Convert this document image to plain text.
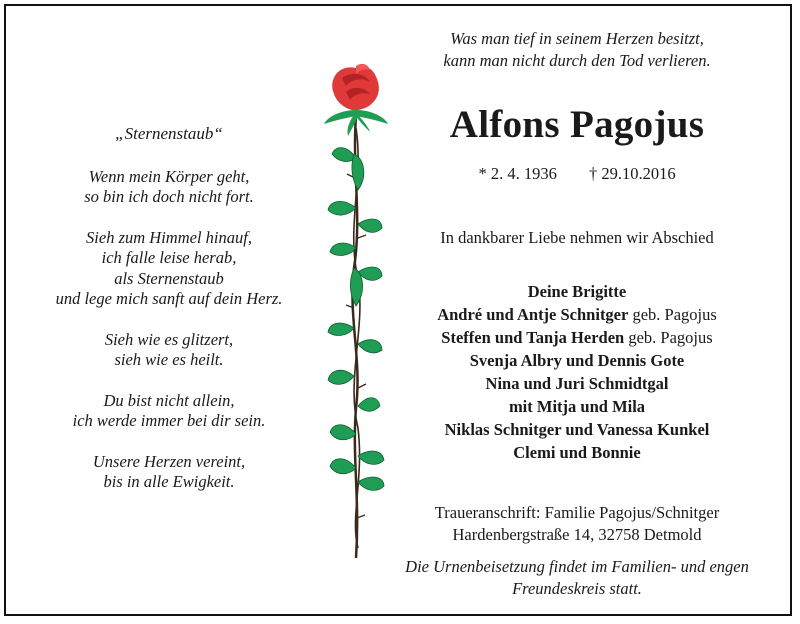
„Sternenstaub“
Wenn mein Körper geht,
so bin ich doch nicht fort.
Sieh zum Himmel hinauf,
ich falle leise herab,
als Sternenstaub
und lege mich sanft auf dein Herz.
Sieh wie es glitzert,
sieh wie es heilt.
Du bist nicht allein,
ich werde immer bei dir sein.
Unsere Herzen vereint,
bis in alle Ewigkeit.
Was man tief in seinem Herzen besitzt,
kann man nicht durch den Tod verlieren.
Alfons Pagojus
* 2. 4. 1936 † 29.10.2016
In dankbarer Liebe nehmen wir Abschied
Deine Brigitte
André und Antje Schnitger geb. Pagojus
Steffen und Tanja Herden geb. Pagojus
Svenja Albry und Dennis Gote
Nina und Juri Schmidtgal
mit Mitja und Mila
Niklas Schnitger und Vanessa Kunkel
Clemi und Bonnie
Traueranschrift: Familie Pagojus/Schnitger
Hardenbergstraße 14, 32758 Detmold
Die Urnenbeisetzung findet im Familien- und engen
Freundeskreis statt.
